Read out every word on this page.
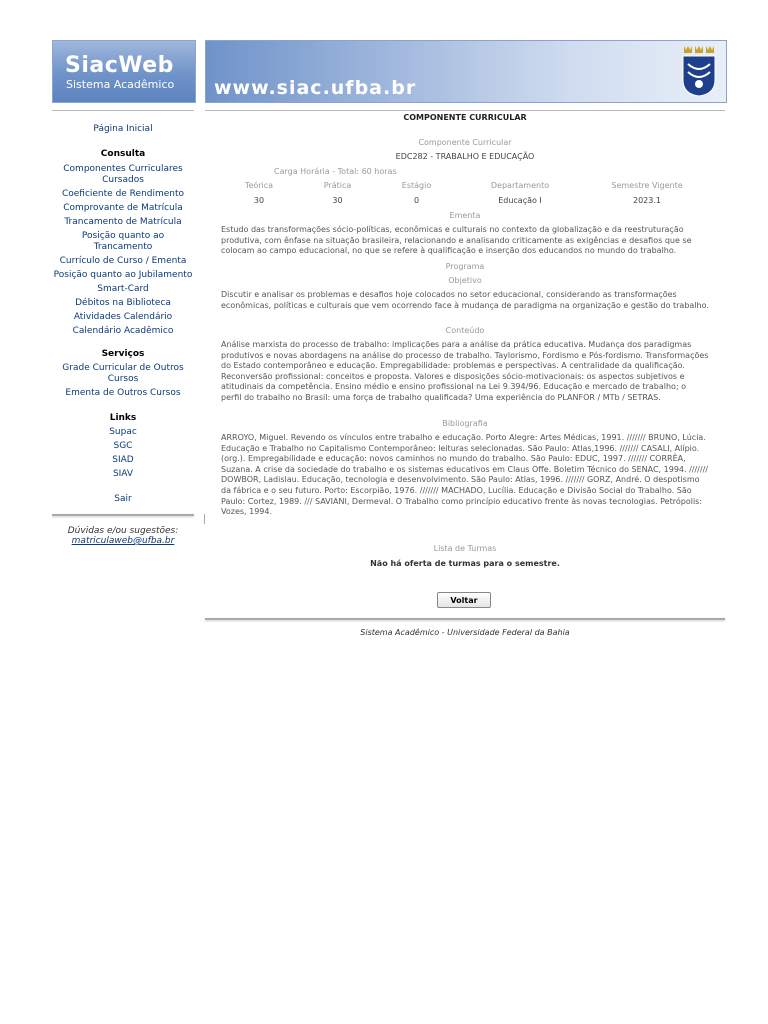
SiacWeb
Sistema Acadêmico www.siac.ufba.br
Página Inicial
Consulta
Componentes Curriculares Cursados
Coeficiente de Rendimento
Comprovante de Matrícula
Trancamento de Matrícula
Posição quanto ao Trancamento
Currículo de Curso / Ementa
Posição quanto ao Jubilamento
Smart-Card
Débitos na Biblioteca
Atividades Calendário
Calendário Acadêmico
Serviços
Grade Curricular de Outros Cursos
Ementa de Outros Cursos
Links
Supac
SGC
SIAD
SIAV
Sair
Dúvidas e/ou sugestões:
matriculaweb@ufba.br
COMPONENTE CURRICULAR
Componente Curricular
EDC282 - TRABALHO E EDUCAÇÃO
Carga Horária - Total: 60 horas
Teórica	Prática	Estágio	Departamento	Semestre Vigente
30	30	0	Educação I	2023.1
Ementa
Estudo das transformações sócio-políticas, econômicas e culturais no contexto da globalização e da reestruturação produtiva, com ênfase na situação brasileira, relacionando e analisando criticamente as exigências e desafios que se colocam ao campo educacional, no que se refere à qualificação e inserção dos educandos no mundo do trabalho.
Programa
Objetivo
Discutir e analisar os problemas e desafios hoje colocados no setor educacional, considerando as transformações econômicas, políticas e culturais que vem ocorrendo face à mudança de paradigma na organização e gestão do trabalho.
Conteúdo
Análise marxista do processo de trabalho: implicações para a análise da prática educativa. Mudança dos paradigmas produtivos e novas abordagens na análise do processo de trabalho. Taylorismo, Fordismo e Pós-fordismo. Transformações do Estado contemporâneo e educação. Empregabilidade: problemas e perspectivas. A centralidade da qualificação. Reconversão profissional: conceitos e proposta. Valores e disposições sócio-motivacionais: os aspectos subjetivos e atitudinais da competência. Ensino médio e ensino profissional na Lei 9.394/96. Educação e mercado de trabalho; o perfil do trabalho no Brasil: uma força de trabalho qualificada? Uma experiência do PLANFOR / MTb / SETRAS.
Bibliografia
ARROYO, Miguel. Revendo os vínculos entre trabalho e educação. Porto Alegre: Artes Médicas, 1991. /////// BRUNO, Lúcia. Educação e Trabalho no Capitalismo Contemporâneo: leituras selecionadas. São Paulo: Atlas,1996. /////// CASALI, Alípio.(org.). Empregabilidade e educação: novos caminhos no mundo do trabalho. São Paulo: EDUC, 1997. /////// CORRÊA, Suzana. A crise da sociedade do trabalho e os sistemas educativos em Claus Offe. Boletim Técnico do SENAC, 1994. /////// DOWBOR, Ladislau. Educação, tecnologia e desenvolvimento. São Paulo: Atlas, 1996. /////// GORZ, André. O despotismo da fábrica e o seu futuro. Porto: Escorpião, 1976. /////// MACHADO, Lucília. Educação e Divisão Social do Trabalho. São Paulo: Cortez, 1989. /// SAVIANI, Dermeval. O Trabalho como princípio educativo frente às novas tecnologias. Petrópolis: Vozes, 1994.
Lista de Turmas
Não há oferta de turmas para o semestre.
Voltar
Sistema Acadêmico - Universidade Federal da Bahia
